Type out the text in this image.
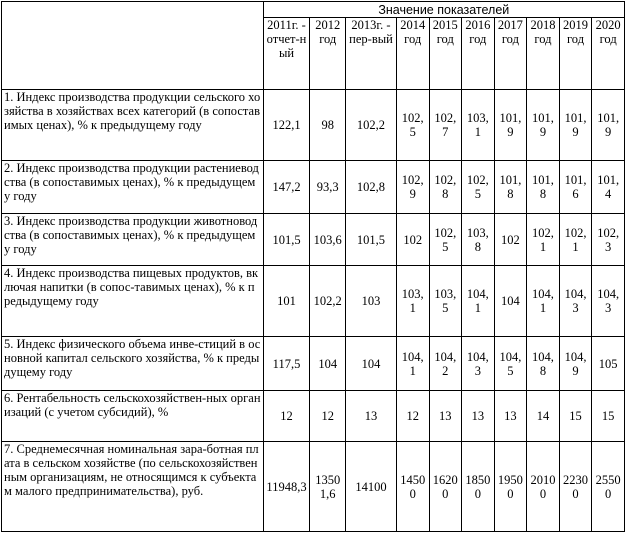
	Значение показателей									
	2011г. - отчет-ный	2012 год	2013г. - пер-вый	2014 год	2015 год	2016 год	2017 год	2018 год	2019 год	2020 год
1. Индекс производства продукции сельского хозяйства в хозяйствах всех категорий (в сопоставимых ценах), % к предыдущему году	122,1	98	102,2	102,5	102,7	103,1	101,9	101,9	101,9	101,9
2. Индекс производства продукции растениеводства (в сопоставимых ценах), % к предыдущему году	147,2	93,3	102,8	102,9	102,8	102,5	101,8	101,8	101,6	101,4
3. Индекс производства продукции животноводства (в сопоставимых ценах), % к предыдущему году	101,5	103,6	101,5	102	102,5	103,8	102	102,1	102,1	102,3
4. Индекс производства пищевых продуктов, включая напитки (в сопос-тавимых ценах), % к предыдущему году	101	102,2	103	103,1	103,5	104,1	104	104,1	104,3	104,3
5. Индекс физического объема инве-стиций в основной капитал сельского хозяйства, % к предыдущему году	117,5	104	104	104,1	104,2	104,3	104,5	104,8	104,9	105
6. Рентабельность сельскохозяйствен-ных организаций (с учетом субсидий), %	12	12	13	12	13	13	13	14	15	15
7. Среднемесячная номинальная зара-ботная плата в сельском хозяйстве (по сельскохозяйственным организациям, не относящимся к субъектам малого предпринимательства), руб.	11948,3	13501,6	14100	14500	16200	18500	19500	20100	22300	25500
